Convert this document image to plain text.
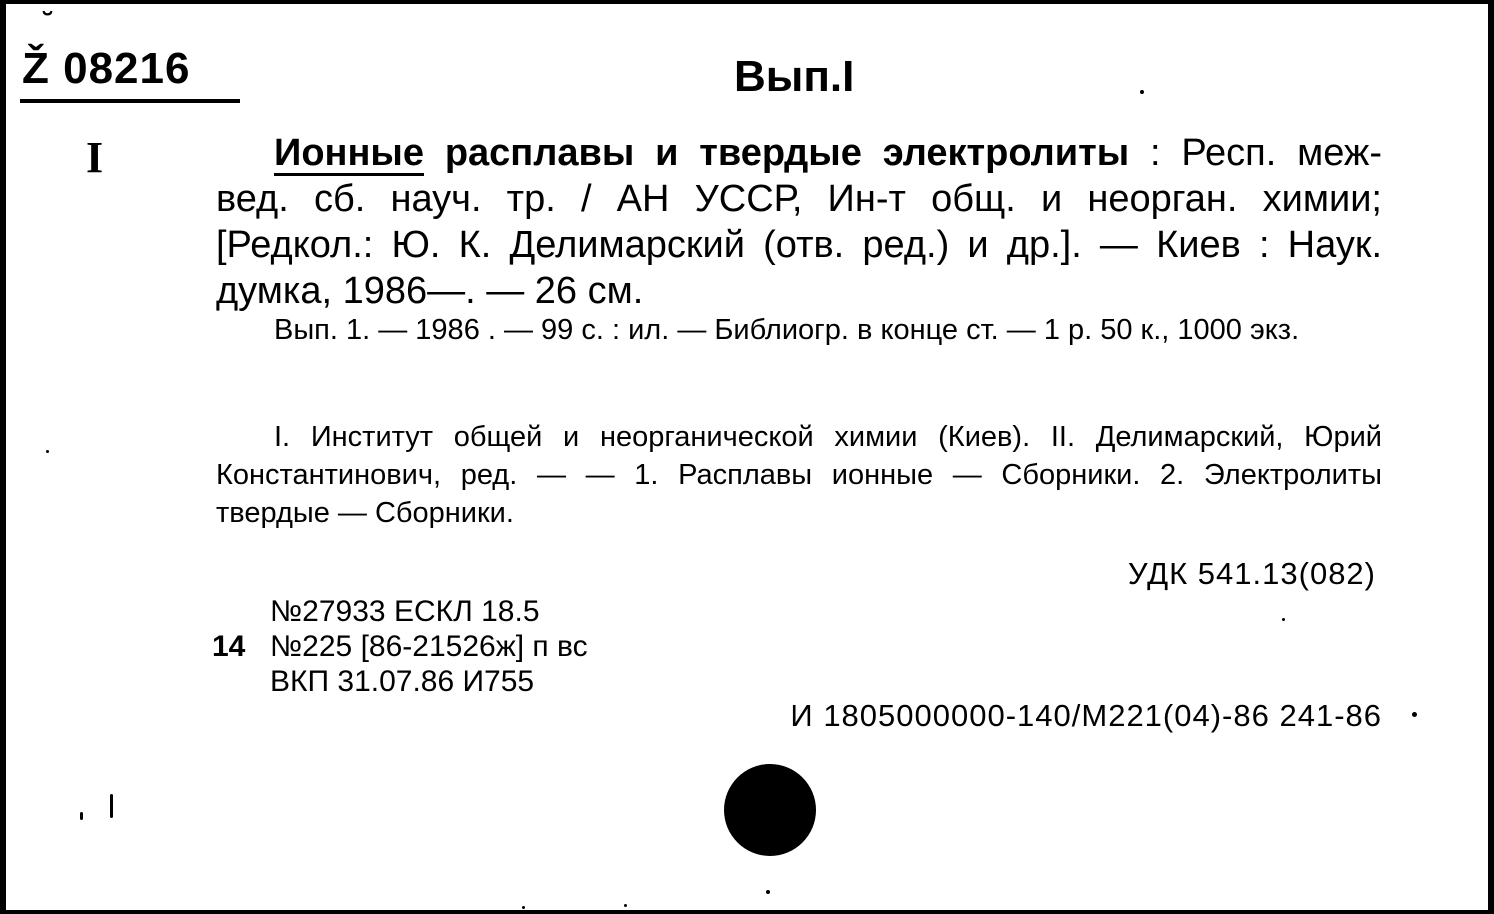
˘
Ž 08216	Вып.I
I	Ионные расплавы и твердые электролиты : Респ. меж-вед. сб. науч. тр. / АН УССР, Ин-т общ. и неорган. химии; [Редкол.: Ю. К. Делимарский (отв. ред.) и др.]. — Киев : Наук. думка, 1986—. — 26 см.
Вып. 1. — 1986 . — 99 с. : ил. — Библиогр. в конце ст. — 1 р. 50 к., 1000 экз.
I. Институт общей и неорганической химии (Киев). II. Делимарский, Юрий Константинович, ред. — — 1. Расплавы ионные — Сборники. 2. Электролиты твердые — Сборники.
УДК 541.13(082)
№27933 ЕСКЛ 18.5
14 №225 [86-21526ж] п вс
ВКП 31.07.86 И755
И 1805000000-140/М221(04)-86 241-86
